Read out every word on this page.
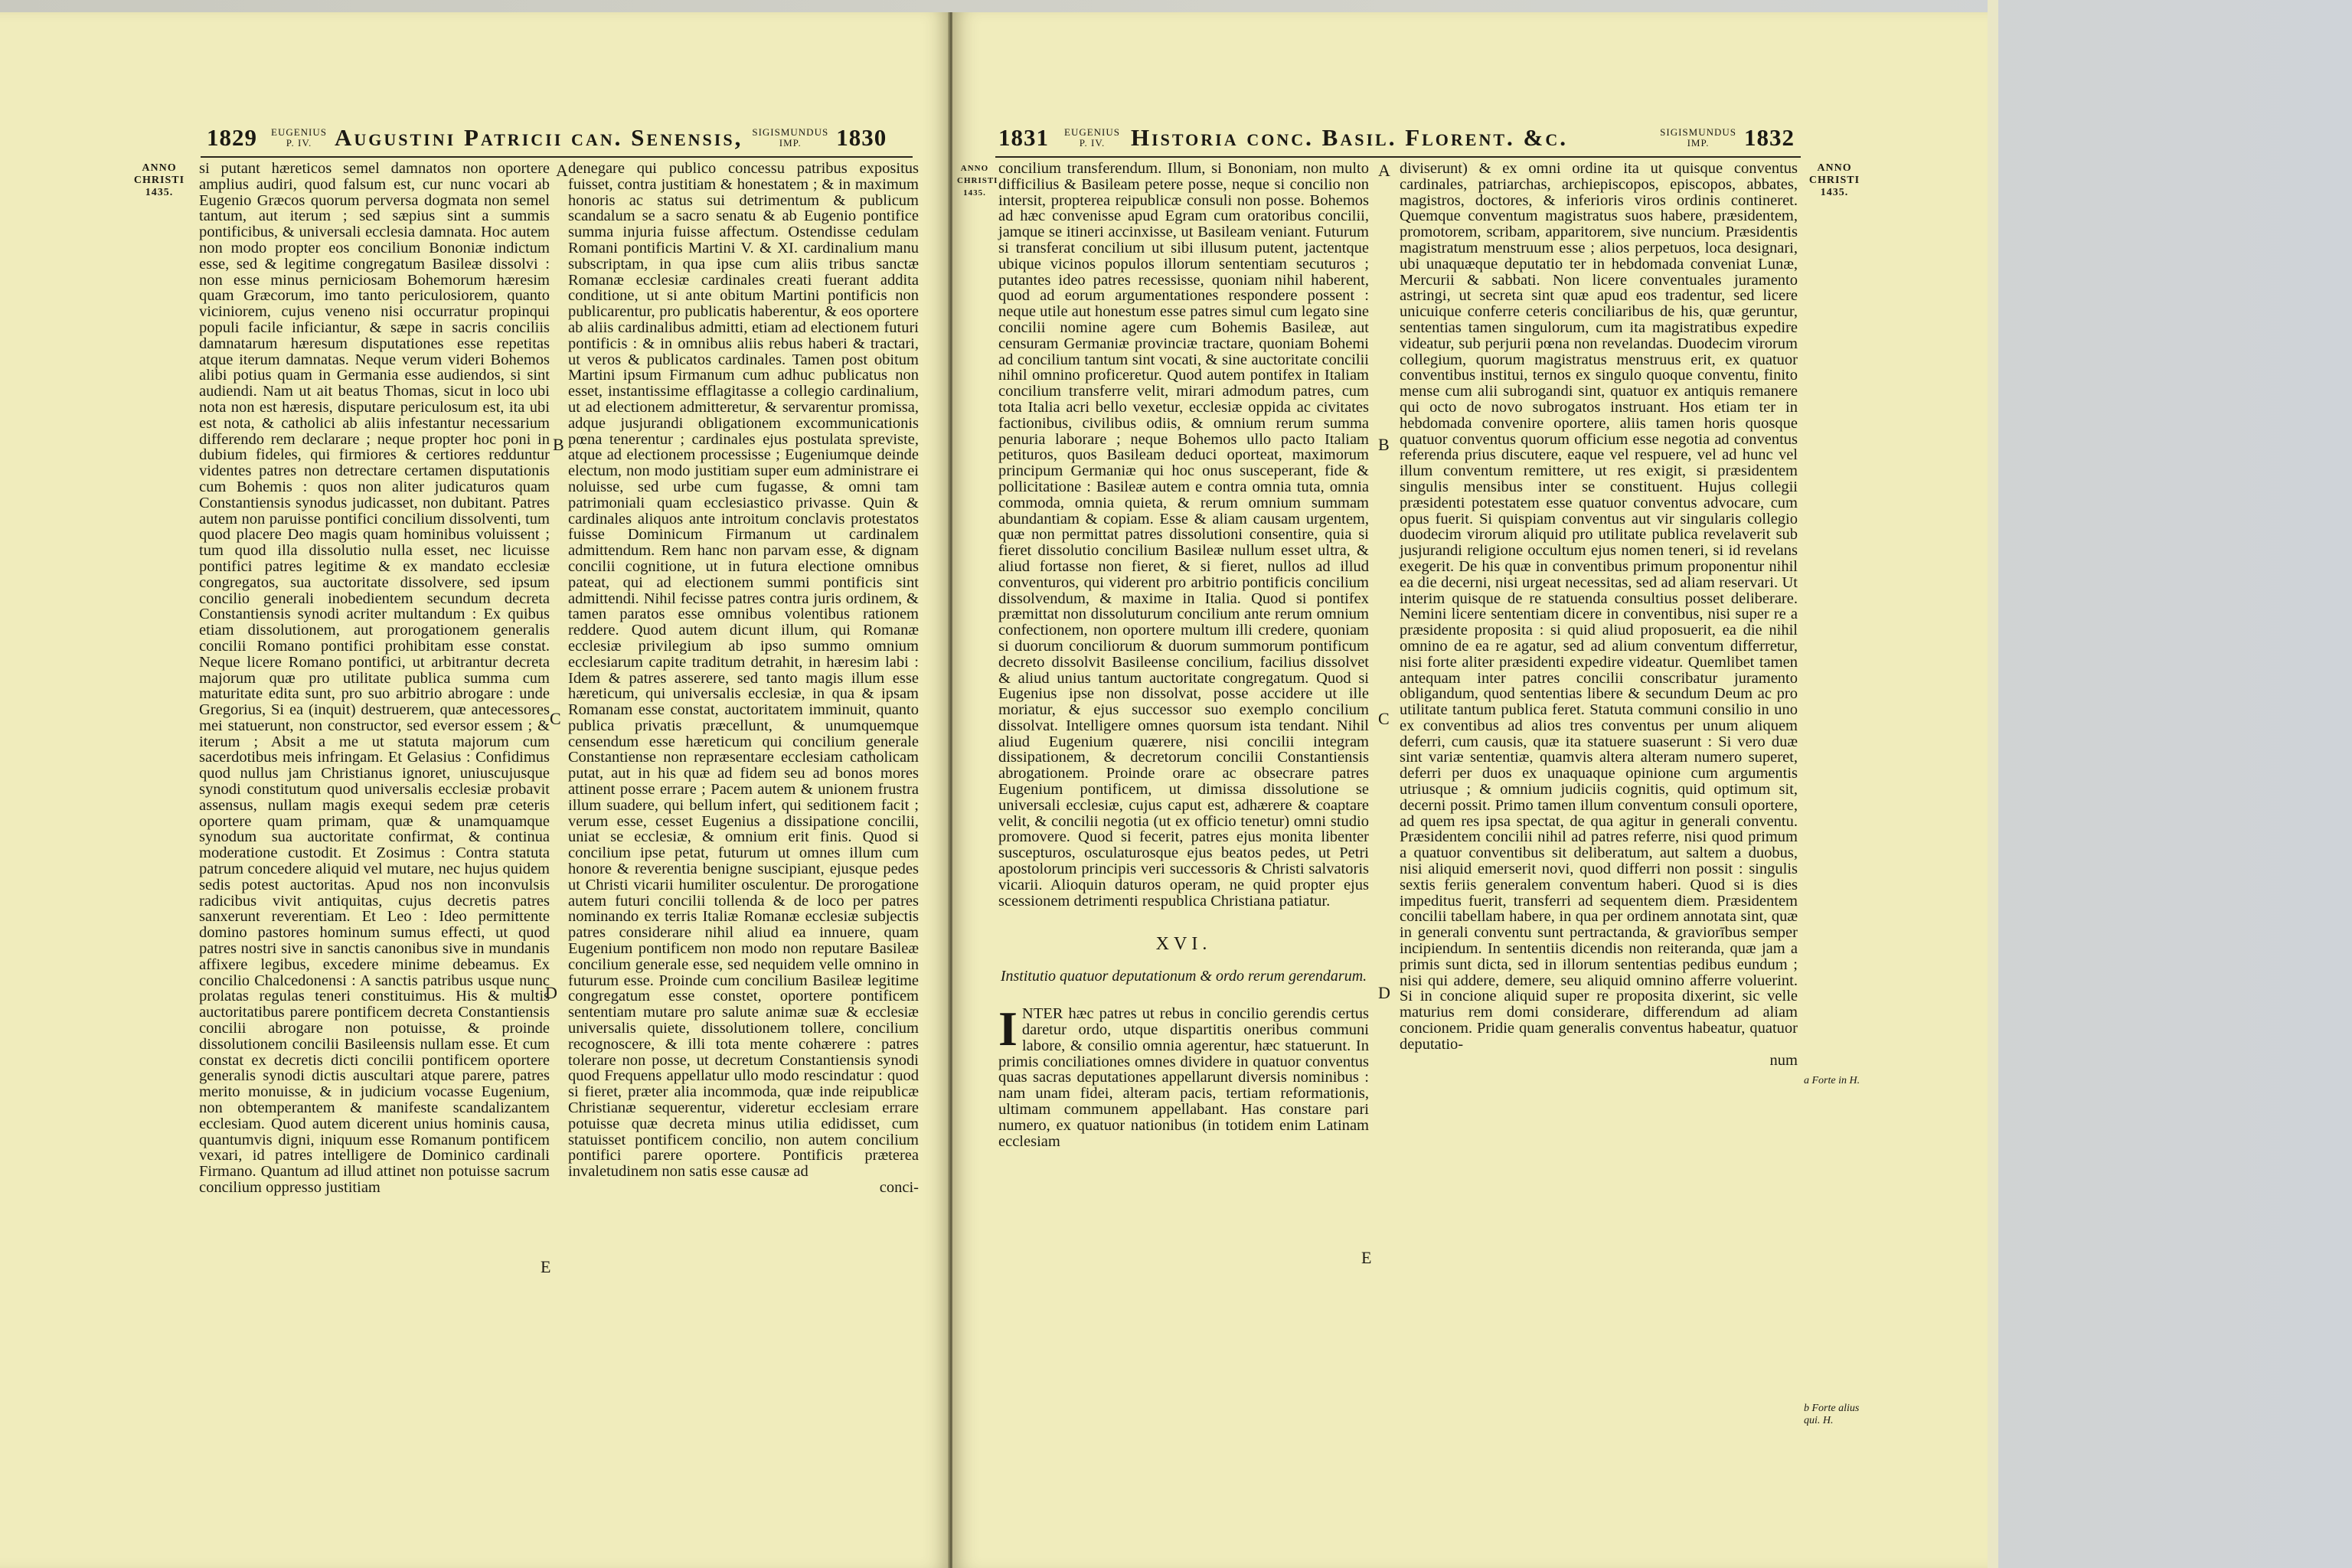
1829 EUGENIUS
P. IV. Augustini Patricii can. Senensis, SIGISMUNDUS
IMP.	1830
ANNO
CHRISTI
1435.

si putant hæreticos semel damnatos non oportere amplius audiri, quod falsum est, cur nunc vocari ab Eugenio Græcos quorum perversa dogmata non semel tantum, aut iterum ; sed sæpius sint a summis pontificibus, & universali ecclesia damnata. Hoc autem non modo propter eos concilium Bononiæ indictum esse, sed & legitime congregatum Basileæ dissolvi : non esse minus perniciosam Bohemorum hæresim quam Græcorum, imo tanto periculosiorem, quanto viciniorem, cujus veneno nisi occurratur propinqui populi facile inficiantur, & sæpe in sacris conciliis damnatarum hæresum disputationes esse repetitas atque iterum damnatas. Neque verum videri Bohemos alibi potius quam in Germania esse audiendos, si sint audiendi. Nam ut ait beatus Thomas, sicut in loco ubi nota non est hæresis, disputare periculosum est, ita ubi est nota, & catholici ab aliis infestantur necessarium differendo rem declarare ; neque propter hoc poni in dubium fideles, qui firmiores & certiores redduntur videntes patres non detrectare certamen disputationis cum Bohemis : quos non aliter judicaturos quam Constantiensis synodus judicasset, non dubitant. Patres autem non paruisse pontifici concilium dissolventi, tum quod placere Deo magis quam hominibus voluissent ; tum quod illa dissolutio nulla esset, nec licuisse pontifici patres legitime & ex mandato ecclesiæ congregatos, sua auctoritate dissolvere, sed ipsum concilio generali inobedientem secundum decreta Constantiensis synodi acriter multandum : Ex quibus etiam dissolutionem, aut prorogationem generalis concilii Romano pontifici prohibitam esse constat. Neque licere Romano pontifici, ut arbitrantur decreta majorum quæ pro utilitate publica summa cum maturitate edita sunt, pro suo arbitrio abrogare : unde Gregorius, Si ea (inquit) destruerem, quæ antecessores mei statuerunt, non constructor, sed eversor essem ; & iterum ; Absit a me ut statuta majorum cum sacerdotibus meis infringam. Et Gelasius : Confidimus quod nullus jam Christianus ignoret, uniuscujusque synodi constitutum quod universalis ecclesiæ probavit assensus, nullam magis exequi sedem præ ceteris oportere quam primam, quæ & unamquamque synodum sua auctoritate confirmat, & continua moderatione custodit. Et Zosimus : Contra statuta patrum concedere aliquid vel mutare, nec hujus quidem sedis potest auctoritas. Apud nos non inconvulsis radicibus vivit antiquitas, cujus decretis patres sanxerunt reverentiam. Et Leo : Ideo permittente domino pastores hominum sumus effecti, ut quod patres nostri sive in sanctis canonibus sive in mundanis affixere legibus, excedere minime debeamus. Ex concilio Chalcedonensi : A sanctis patribus usque nunc prolatas regulas teneri constituimus. His & multis auctoritatibus parere pontificem decreta Constantiensis concilii abrogare non potuisse, & proinde dissolutionem concilii Basileensis nullam esse. Et cum constat ex decretis dicti concilii pontificem oportere generalis synodi dictis auscultari atque parere, patres merito monuisse, & in judicium vocasse Eugenium, non obtemperantem & manifeste scandalizantem ecclesiam. Quod autem dicerent unius hominis causa, quantumvis digni, iniquum esse Romanum pontificem vexari, id patres intelligere de Dominico cardinali Firmano. Quantum ad illud attinet non potuisse sacrum concilium oppresso justitiam

A
B
C
D
E

denegare qui publico concessu patribus expositus fuisset, contra justitiam & honestatem ; & in maximum honoris ac status sui detrimentum & publicum scandalum se a sacro senatu & ab Eugenio pontifice summa injuria fuisse affectum. Ostendisse cedulam Romani pontificis Martini V. & XI. cardinalium manu subscriptam, in qua ipse cum aliis tribus sanctæ Romanæ ecclesiæ cardinales creati fuerant addita conditione, ut si ante obitum Martini pontificis non publicarentur, pro publicatis haberentur, & eos oportere ab aliis cardinalibus admitti, etiam ad electionem futuri pontificis : & in omnibus aliis rebus haberi & tractari, ut veros & publicatos cardinales. Tamen post obitum Martini ipsum Firmanum cum adhuc publicatus non esset, instantissime efflagitasse a collegio cardinalium, ut ad electionem admitteretur, & servarentur promissa, adque jusjurandi obligationem excommunicationis pœna tenerentur ; cardinales ejus postulata spreviste, atque ad electionem processisse ; Eugeniumque deinde electum, non modo justitiam super eum administrare ei noluisse, sed urbe cum fugasse, & omni tam patrimoniali quam ecclesiastico privasse. Quin & cardinales aliquos ante introitum conclavis protestatos fuisse Dominicum Firmanum ut cardinalem admittendum. Rem hanc non parvam esse, & dignam concilii cognitione, ut in futura electione omnibus pateat, qui ad electionem summi pontificis sint admittendi. Nihil fecisse patres contra juris ordinem, & tamen paratos esse omnibus volentibus rationem reddere. Quod autem dicunt illum, qui Romanæ ecclesiæ privilegium ab ipso summo omnium ecclesiarum capite traditum detrahit, in hæresim labi : Idem & patres asserere, sed tanto magis illum esse hæreticum, qui universalis ecclesiæ, in qua & ipsam Romanam esse constat, auctoritatem imminuit, quanto publica privatis præcellunt, & unumquemque censendum esse hæreticum qui concilium generale Constantiense non repræsentare ecclesiam catholicam putat, aut in his quæ ad fidem seu ad bonos mores attinent posse errare ; Pacem autem & unionem frustra illum suadere, qui bellum infert, qui seditionem facit ; verum esse, cesset Eugenius a dissipatione concilii, uniat se ecclesiæ, & omnium erit finis. Quod si concilium ipse petat, futurum ut omnes illum cum honore & reverentia benigne suscipiant, ejusque pedes ut Christi vicarii humiliter osculentur. De prorogatione autem futuri concilii tollenda & de loco per patres nominando ex terris Italiæ Romanæ ecclesiæ subjectis patres considerare nihil aliud ea innuere, quam Eugenium pontificem non modo non reputare Basileæ concilium generale esse, sed nequidem velle omnino in futurum esse. Proinde cum concilium Basileæ legitime congregatum esse constet, oportere pontificem sententiam mutare pro salute animæ suæ & ecclesiæ universalis quiete, dissolutionem tollere, concilium recognoscere, & illi tota mente cohærere : patres tolerare non posse, ut decretum Constantiensis synodi quod Frequens appellatur ullo modo rescindatur : quod si fieret, præter alia incommoda, quæ inde reipublicæ Christianæ sequerentur, videretur ecclesiam errare potuisse quæ decreta minus utilia edidisset, cum statuisset pontificem concilio, non autem concilium pontifici parere oportere. Pontificis præterea invaletudinem non satis esse causæ ad

conci-

1831 EUGENIUS
P. IV.	Historia conc. Basil. Florent. &c.	SIGISMUNDUS
IMP.	1832
ANNO
CHRISTI
1435.

concilium transferendum. Illum, si Bononiam, non multo difficilius & Basileam petere posse, neque si concilio non intersit, propterea reipublicæ consuli non posse. Bohemos ad hæc convenisse apud Egram cum oratoribus concilii, jamque se itineri accinxisse, ut Basileam veniant. Futurum si transferat concilium ut sibi illusum putent, jactentque ubique vicinos populos illorum sententiam secuturos ; putantes ideo patres recessisse, quoniam nihil haberent, quod ad eorum argumentationes respondere possent : neque utile aut honestum esse patres simul cum legato sine concilii nomine agere cum Bohemis Basileæ, aut censuram Germaniæ provinciæ tractare, quoniam Bohemi ad concilium tantum sint vocati, & sine auctoritate concilii nihil omnino proficeretur. Quod autem pontifex in Italiam concilium transferre velit, mirari admodum patres, cum tota Italia acri bello vexetur, ecclesiæ oppida ac civitates factionibus, civilibus odiis, & omnium rerum summa penuria laborare ; neque Bohemos ullo pacto Italiam petituros, quos Basileam deduci oporteat, maximorum principum Germaniæ qui hoc onus susceperant, fide & pollicitatione : Basileæ autem e contra omnia tuta, omnia commoda, omnia quieta, & rerum omnium summam abundantiam & copiam. Esse & aliam causam urgentem, quæ non permittat patres dissolutioni consentire, quia si fieret dissolutio concilium Basileæ nullum esset ultra, & aliud fortasse non fieret, & si fieret, nullos ad illud conventuros, qui viderent pro arbitrio pontificis concilium dissolvendum, & maxime in Italia. Quod si pontifex præmittat non dissoluturum concilium ante rerum omnium confectionem, non oportere multum illi credere, quoniam si duorum conciliorum & duorum summorum pontificum decreto dissolvit Basileense concilium, facilius dissolvet & aliud unius tantum auctoritate congregatum. Quod si Eugenius ipse non dissolvat, posse accidere ut ille moriatur, & ejus successor suo exemplo concilium dissolvat. Intelligere omnes quorsum ista tendant. Nihil aliud Eugenium quærere, nisi concilii integram dissipationem, & decretorum concilii Constantiensis abrogationem. Proinde orare ac obsecrare patres Eugenium pontificem, ut dimissa dissolutione se universali ecclesiæ, cujus caput est, adhærere & coaptare velit, & concilii negotia (ut ex officio tenetur) omni studio promovere. Quod si fecerit, patres ejus monita libenter suscepturos, osculaturosque ejus beatos pedes, ut Petri apostolorum principis veri successoris & Christi salvatoris vicarii. Alioquin daturos operam, ne quid propter ejus scessionem detrimenti respublica Christiana patiatur.

XVI.
Institutio quatuor deputationum & ordo rerum gerendarum.

INTER hæc patres ut rebus in concilio gerendis certus daretur ordo, utque dispartitis oneribus communi labore, & consilio omnia agerentur, hæc statuerunt. In primis conciliationes omnes dividere in quatuor conventus quas sacras deputationes appellarunt diversis nominibus : nam unam fidei, alteram pacis, tertiam reformationis, ultimam communem appellabant. Has constare pari numero, ex quatuor nationibus (in totidem enim Latinam ecclesiam

A
B
C
D
E

diviserunt) & ex omni ordine ita ut quisque conventus cardinales, patriarchas, archiepiscopos, episcopos, abbates, magistros, doctores, & inferioris viros ordinis contineret. Quemque conventum magistratus suos habere, præsidentem, promotorem, scribam, apparitorem, sive nuncium. Præsidentis magistratum menstruum esse ; alios perpetuos, loca designari, ubi unaquæque deputatio ter in hebdomada conveniat Lunæ, Mercurii & sabbati. Non licere conventuales juramento astringi, ut secreta sint quæ apud eos tradentur, sed licere unicuique conferre ceteris conciliaribus de his, quæ geruntur, sententias tamen singulorum, cum ita magistratibus expedire videatur, sub perjurii pœna non revelandas. Duodecim virorum collegium, quorum magistratus menstruus erit, ex quatuor conventibus institui, ternos ex singulo quoque conventu, finito mense cum alii subrogandi sint, quatuor ex antiquis remanere qui octo de novo subrogatos instruant. Hos etiam ter in hebdomada convenire oportere, aliis tamen horis quosque quatuor conventus quorum officium esse negotia ad conventus referenda prius discutere, eaque vel respuere, vel ad hunc vel illum conventum remittere, ut res exigit, si præsidentem singulis mensibus inter se constituent. Hujus collegii præsidenti potestatem esse quatuor conventus advocare, cum opus fuerit. Si quispiam conventus aut vir singularis collegio duodecim virorum aliquid pro utilitate publica revelaverit sub jusjurandi religione occultum ejus nomen teneri, si id revelans exegerit. De his quæ in conventibus primum proponentur nihil ea die decerni, nisi urgeat necessitas, sed ad aliam reservari. Ut interim quisque de re statuenda consultius posset deliberare. Nemini licere sententiam dicere in conventibus, nisi super re a præsidente proposita : si quid aliud proposuerit, ea die nihil omnino de ea re agatur, sed ad alium conventum differretur, nisi forte aliter præsidenti expedire videatur. Quemlibet tamen antequam inter patres concilii conscribatur juramento obligandum, quod sententias libere & secundum Deum ac pro utilitate tantum publica feret. Statuta communi consilio in uno ex conventibus ad alios tres conventus per unum aliquem deferri, cum causis, quæ ita statuere suaserunt : Si vero duæ sint variæ sententiæ, quamvis altera alteram numero superet, deferri per duos ex unaquaque opinione cum argumentis utriusque ; & omnium judiciis cognitis, quid optimum sit, decerni possit. Primo tamen illum conventum consuli oportere, ad quem res ipsa spectat, de qua agitur in generali conventu. Præsidentem concilii nihil ad patres referre, nisi quod primum a quatuor conventibus sit deliberatum, aut saltem a duobus, nisi aliquid emerserit novi, quod differri non possit : singulis sextis feriis generalem conventum haberi. Quod si is dies impeditus fuerit, transferri ad sequentem diem. Præsidentem concilii tabellam habere, in qua per ordinem annotata sint, quæ in generali conventu sunt pertractanda, & graviorībus semper incipiendum. In sententiis dicendis non reiteranda, quæ jam a primis sunt dicta, sed in illorum sententias pedibus eundum ; nisi qui addere, demere, seu aliquid omnino afferre voluerint. Si in concione aliquid super re proposita dixerint, sic velle maturius rem domi considerare, differendum ad aliam concionem. Pridie quam generalis conventus habeatur, quatuor deputatio-

num

ANNO
CHRISTI
1435.
a Forte in H.
b Forte alius qui. H.
